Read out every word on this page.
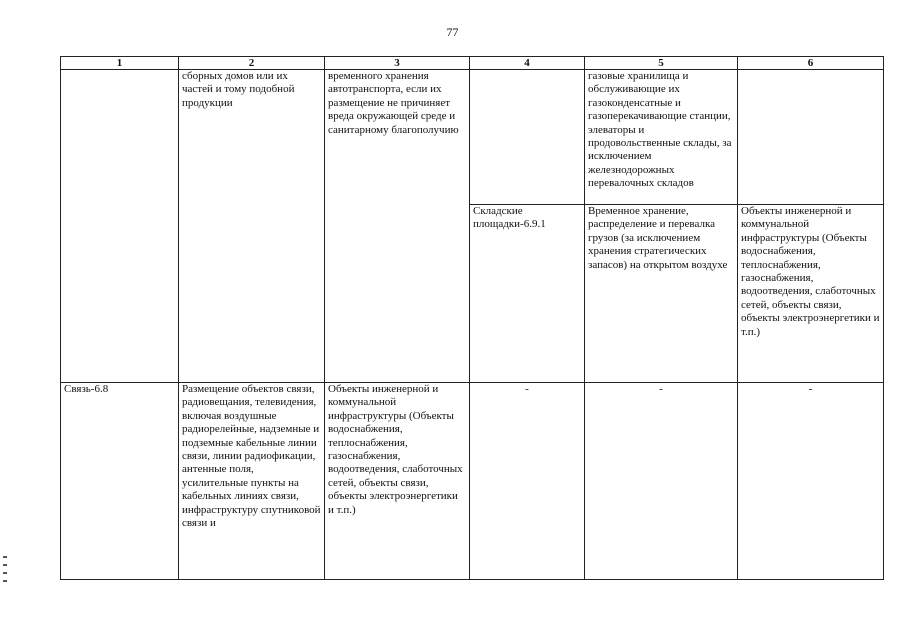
77
1	2	3	4	5	6
	сборных домов или их частей и тому подобной продукции	временного хранения автотранспорта, если их размещение не причиняет вреда окружающей среде и санитарному благополучию		газовые хранилища и обслуживающие их газоконденсатные и газоперекачивающие станции, элеваторы и продовольственные склады, за исключением железнодорожных перевалочных складов	
			Складские площадки-6.9.1	Временное хранение, распределение и перевалка грузов (за исключением хранения стратегических запасов) на открытом воздухе	Объекты инженерной и коммунальной инфраструктуры (Объекты водоснабжения, теплоснабжения, газоснабжения, водоотведения, слаботочных сетей, объекты связи, объекты электроэнергетики и т.п.)
Связь-6.8	Размещение объектов связи, радиовещания, телевидения, включая воздушные радиорелейные, надземные и подземные кабельные линии связи, линии радиофикации, антенные поля, усилительные пункты на кабельных линиях связи, инфраструктуру спутниковой связи и	Объекты инженерной и коммунальной инфраструктуры (Объекты водоснабжения, теплоснабжения, газоснабжения, водоотведения, слаботочных сетей, объекты связи, объекты электроэнергетики и т.п.)	-	-	-
